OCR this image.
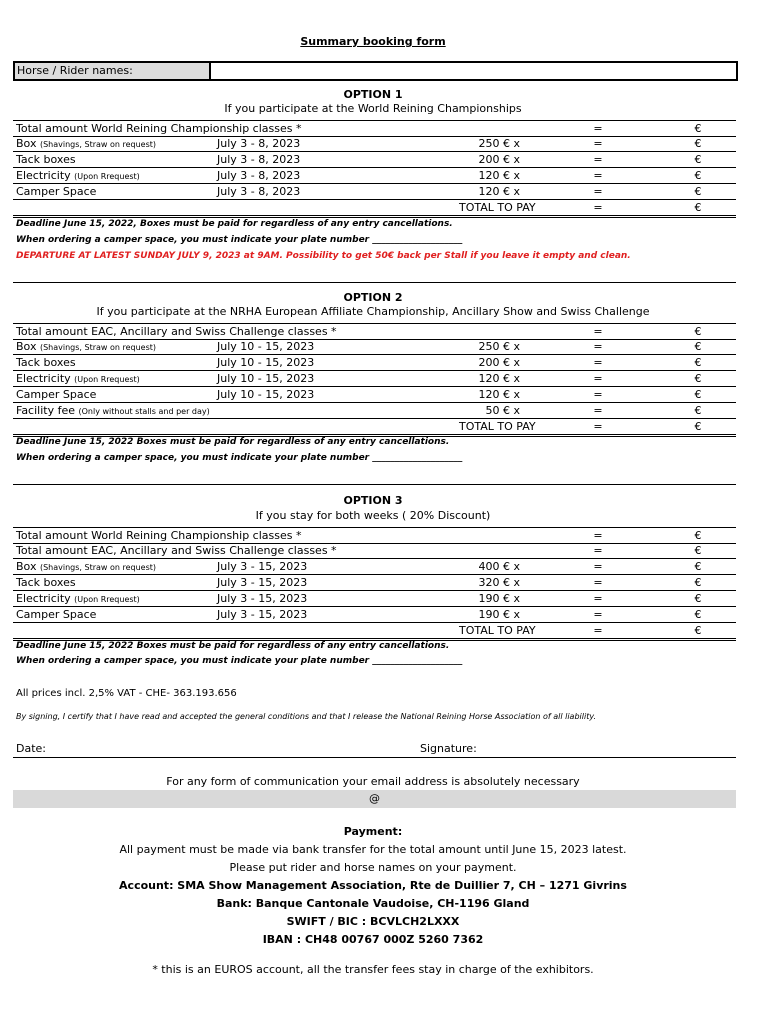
Summary booking form
Horse / Rider names:
OPTION 1
If you participate at the World Reining Championships
Total amount World Reining Championship classes *	=	€
Box (Shavings, Straw on request)	July 3 - 8, 2023	250 € x	=	€
Tack boxes	July 3 - 8, 2023	200 € x	=	€
Electricity (Upon Rrequest)	July 3 - 8, 2023	120 € x	=	€
Camper Space	July 3 - 8, 2023	120 € x	=	€
TOTAL TO PAY	=	€
Deadline June 15, 2022, Boxes must be paid for regardless of any entry cancellations.
When ordering a camper space, you must indicate your plate number ____________________
DEPARTURE AT LATEST SUNDAY JULY 9, 2023 at 9AM. Possibility to get 50€ back per Stall if you leave it empty and clean.
OPTION 2
If you participate at the NRHA European Affiliate Championship, Ancillary Show and Swiss Challenge
Total amount EAC, Ancillary and Swiss Challenge classes *	=	€
Box (Shavings, Straw on request)	July 10 - 15, 2023	250 € x	=	€
Tack boxes	July 10 - 15, 2023	200 € x	=	€
Electricity (Upon Rrequest)	July 10 - 15, 2023	120 € x	=	€
Camper Space	July 10 - 15, 2023	120 € x	=	€
Facility fee (Only without stalls and per day)	50 € x	=	€
TOTAL TO PAY	=	€
Deadline June 15, 2022 Boxes must be paid for regardless of any entry cancellations.
When ordering a camper space, you must indicate your plate number ____________________
OPTION 3
If you stay for both weeks ( 20% Discount)
Total amount World Reining Championship classes *	=	€
Total amount EAC, Ancillary and Swiss Challenge classes *	=	€
Box (Shavings, Straw on request)	July 3 - 15, 2023	400 € x	=	€
Tack boxes	July 3 - 15, 2023	320 € x	=	€
Electricity (Upon Rrequest)	July 3 - 15, 2023	190 € x	=	€
Camper Space	July 3 - 15, 2023	190 € x	=	€
TOTAL TO PAY	=	€
Deadline June 15, 2022 Boxes must be paid for regardless of any entry cancellations.
When ordering a camper space, you must indicate your plate number ____________________
All prices incl. 2,5% VAT - CHE- 363.193.656
By signing, I certify that I have read and accepted the general conditions and that I release the National Reining Horse Association of all liability.
Date:	Signature:
For any form of communication your email address is absolutely necessary
@
Payment:
All payment must be made via bank transfer for the total amount until June 15, 2023 latest.
Please put rider and horse names on your payment.
Account: SMA Show Management Association, Rte de Duillier 7, CH – 1271 Givrins
Bank: Banque Cantonale Vaudoise, CH-1196 Gland
SWIFT / BIC : BCVLCH2LXXX
IBAN : CH48 00767 000Z 5260 7362
* this is an EUROS account, all the transfer fees stay in charge of the exhibitors.
